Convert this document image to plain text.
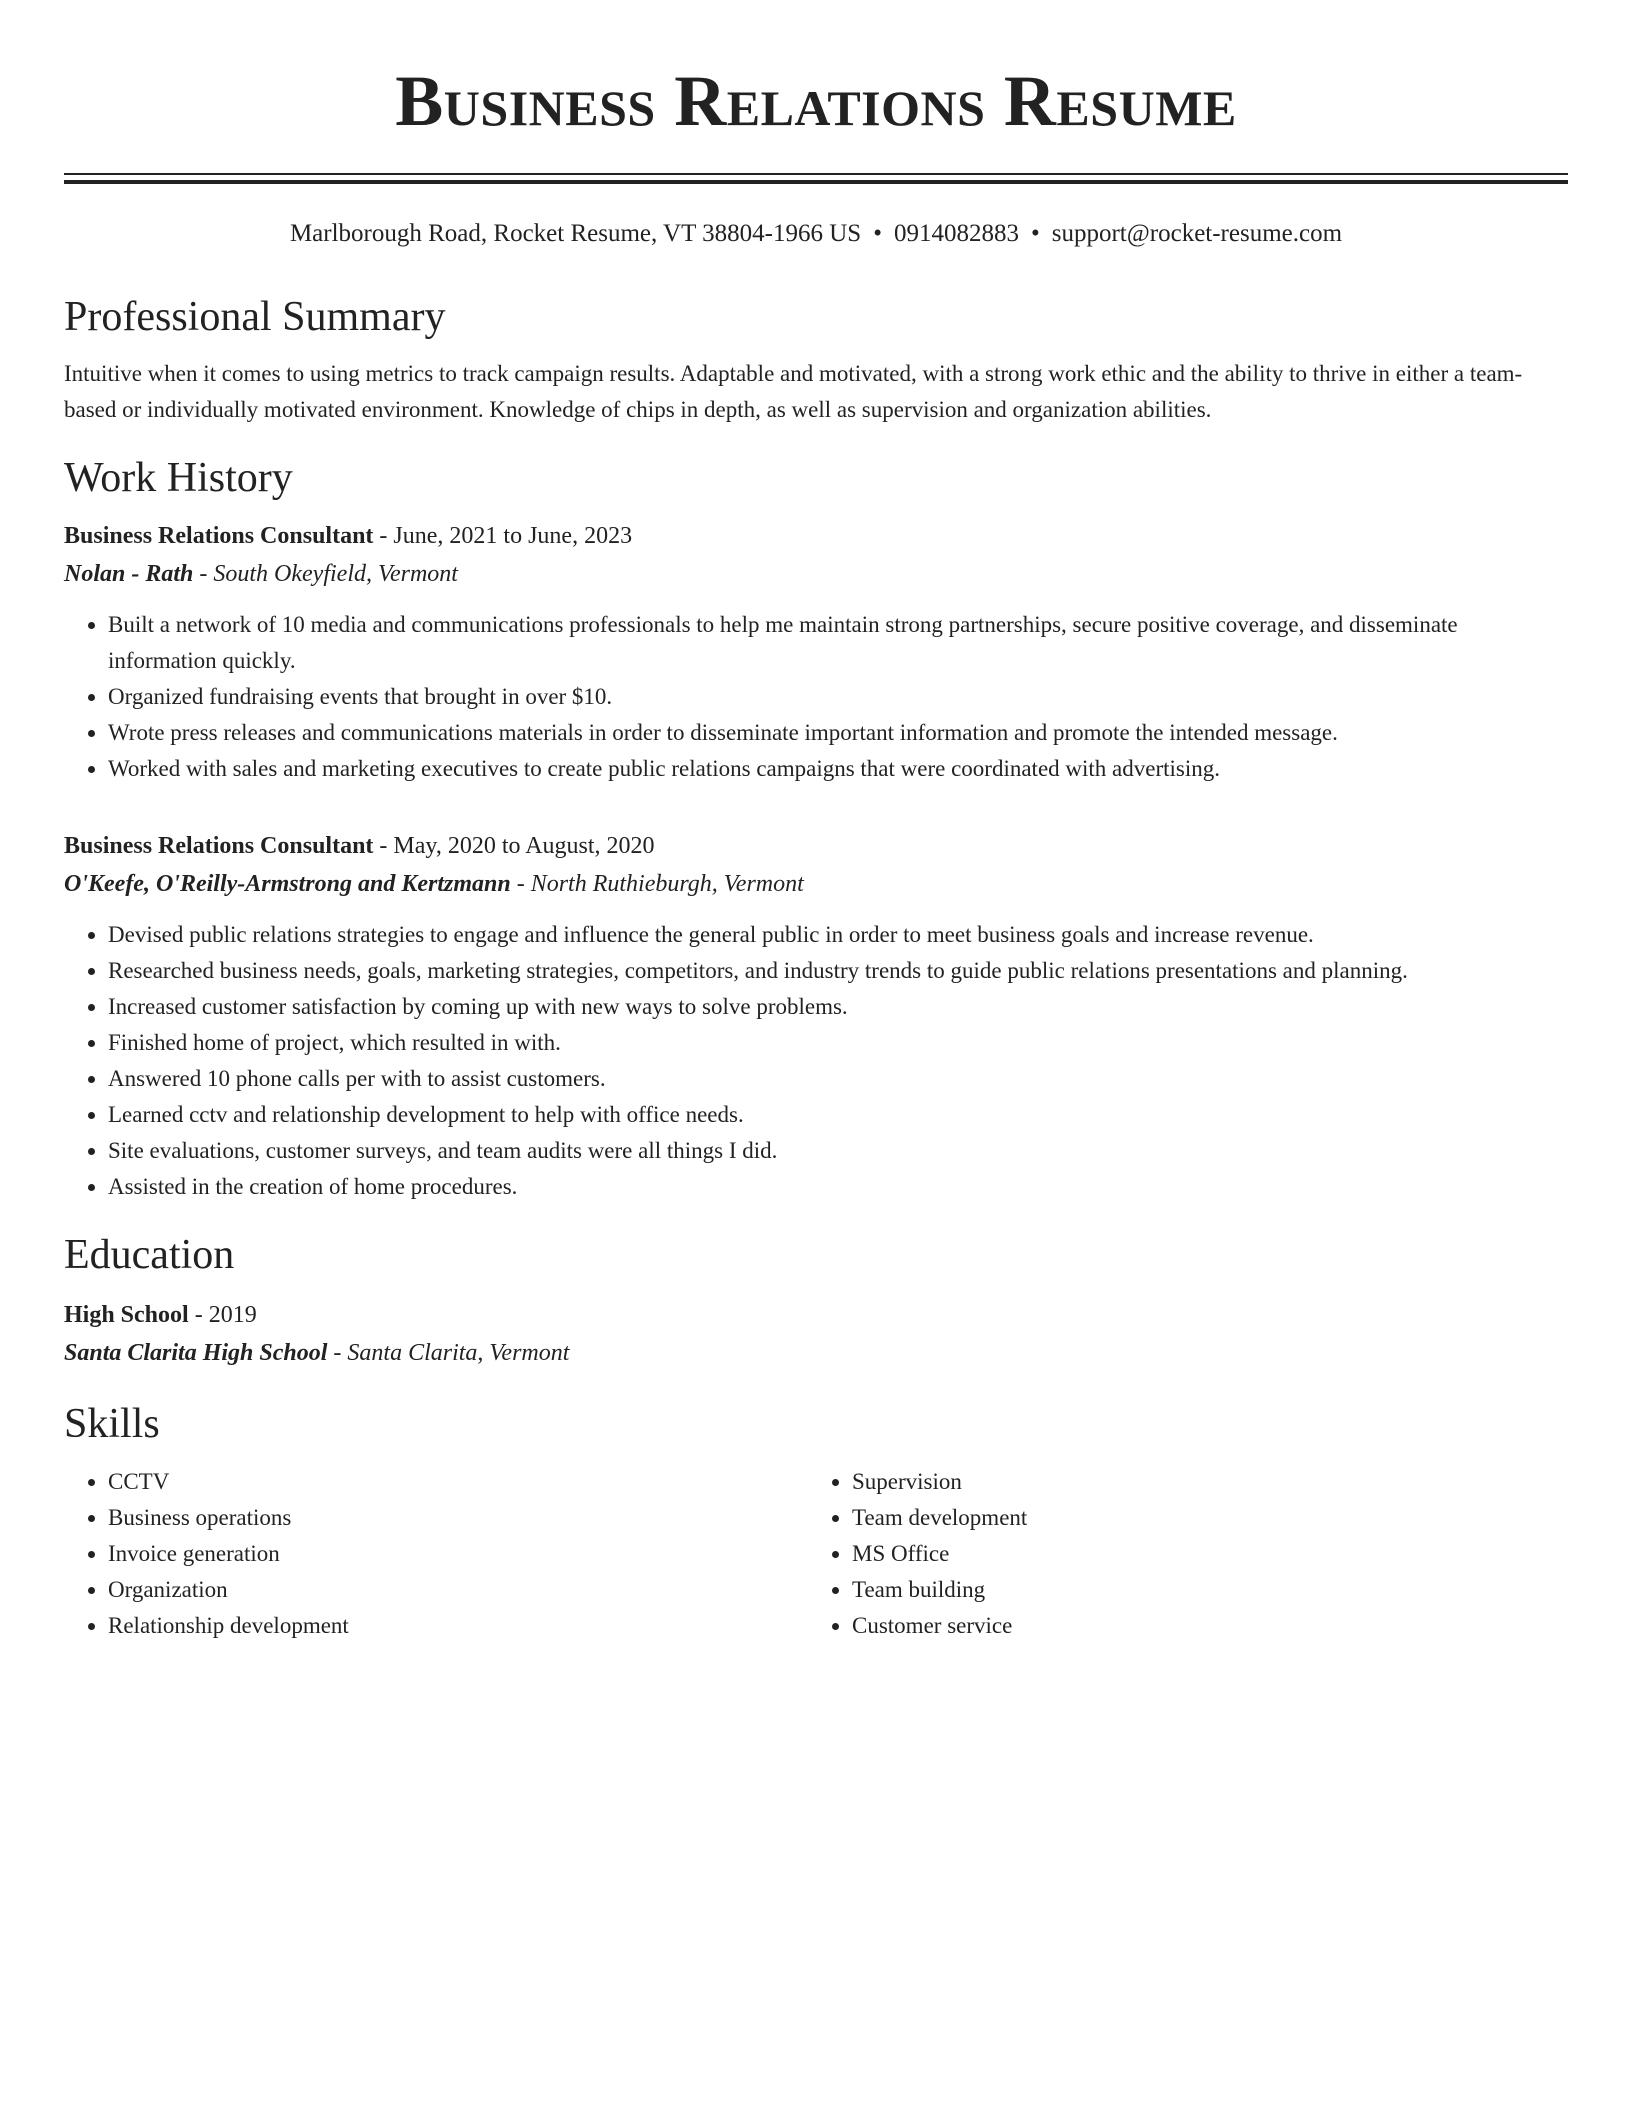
Business Relations Resume
Marlborough Road, Rocket Resume, VT 38804-1966 US • 0914082883 • support@rocket-resume.com
Professional Summary

Intuitive when it comes to using metrics to track campaign results. Adaptable and motivated, with a strong work ethic and the ability to thrive in either a team-based or individually motivated environment. Knowledge of chips in depth, as well as supervision and organization abilities.

Work History
Business Relations Consultant - June, 2021 to June, 2023
Nolan - Rath - South Okeyfield, Vermont
• Built a network of 10 media and communications professionals to help me maintain strong partnerships, secure positive coverage, and disseminate information quickly.
• Organized fundraising events that brought in over $10.
• Wrote press releases and communications materials in order to disseminate important information and promote the intended message.
• Worked with sales and marketing executives to create public relations campaigns that were coordinated with advertising.
Business Relations Consultant - May, 2020 to August, 2020
O'Keefe, O'Reilly-Armstrong and Kertzmann - North Ruthieburgh, Vermont
• Devised public relations strategies to engage and influence the general public in order to meet business goals and increase revenue.
• Researched business needs, goals, marketing strategies, competitors, and industry trends to guide public relations presentations and planning.
• Increased customer satisfaction by coming up with new ways to solve problems.
• Finished home of project, which resulted in with.
• Answered 10 phone calls per with to assist customers.
• Learned cctv and relationship development to help with office needs.
• Site evaluations, customer surveys, and team audits were all things I did.
• Assisted in the creation of home procedures.
Education
High School - 2019
Santa Clarita High School - Santa Clarita, Vermont
Skills
• CCTV
• Business operations
• Invoice generation
• Organization
• Relationship development
• Supervision
• Team development
• MS Office
• Team building
• Customer service
